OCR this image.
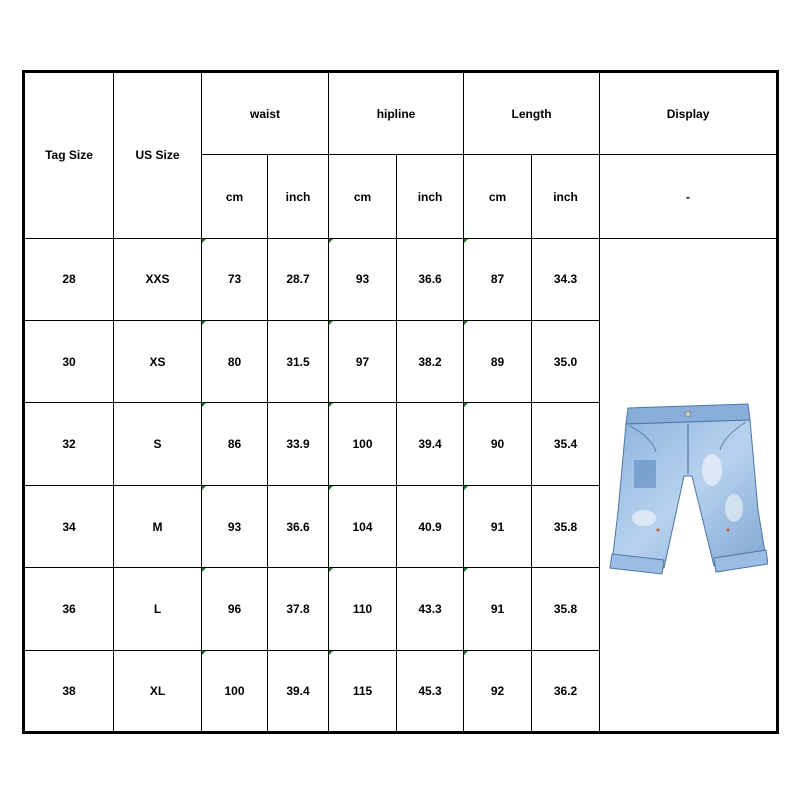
Tag Size	US Size	waist		hipline		Length		Display
		cm	inch	cm	inch	cm	inch	-
28	XXS	73	28.7	93	36.6	87	34.3	

30	XS	80	31.5	97	38.2	89	35.0	
32	S	86	33.9	100	39.4	90	35.4	
34	M	93	36.6	104	40.9	91	35.8	
36	L	96	37.8	110	43.3	91	35.8	
38	XL	100	39.4	115	45.3	92	36.2	
